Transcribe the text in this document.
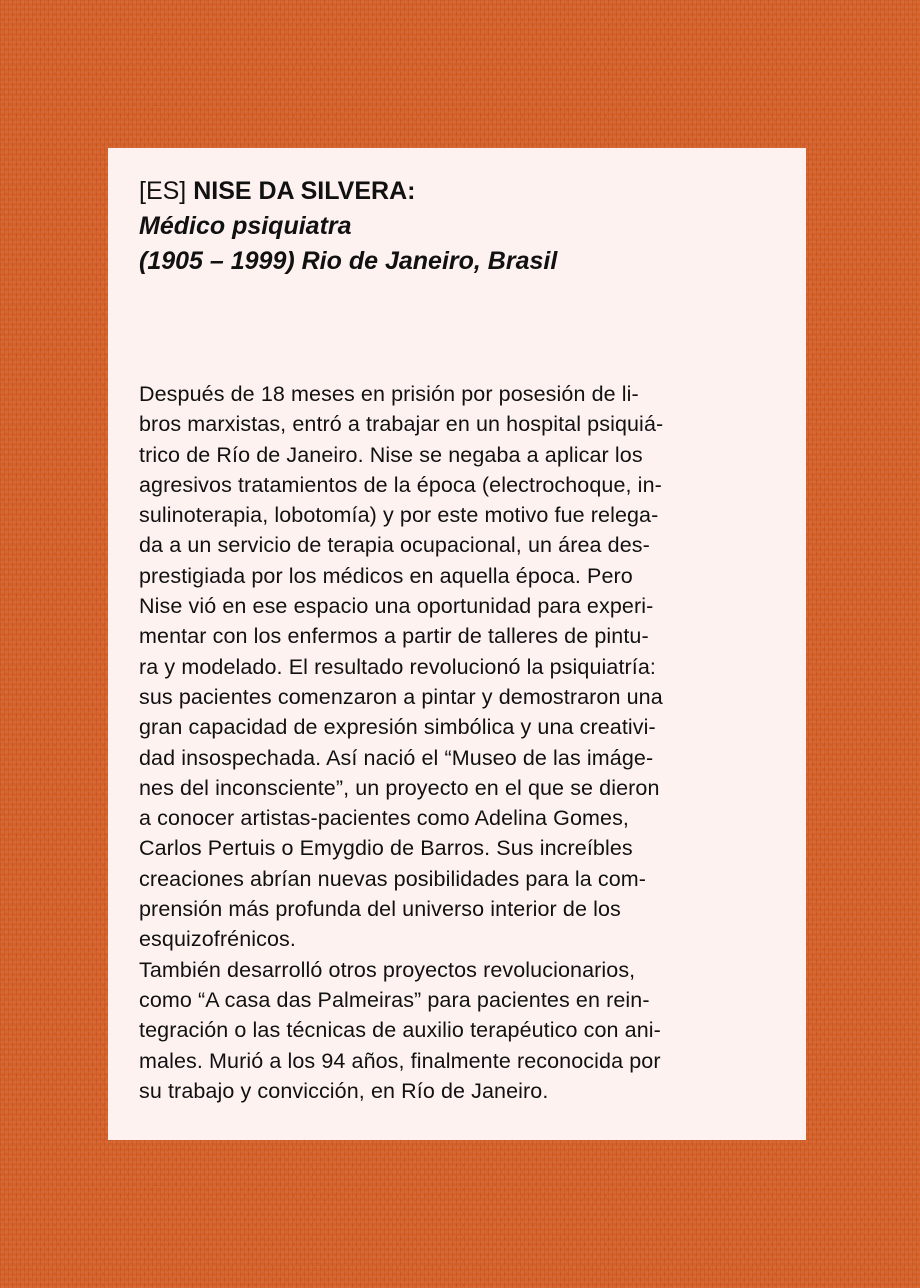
[ES] NISE DA SILVERA:
Médico psiquiatra
(1905 – 1999) Rio de Janeiro, Brasil
Después de 18 meses en prisión por posesión de li-
bros marxistas, entró a trabajar en un hospital psiquiá-
trico de Río de Janeiro. Nise se negaba a aplicar los
agresivos tratamientos de la época (electrochoque, in-
sulinoterapia, lobotomía) y por este motivo fue relega-
da a un servicio de terapia ocupacional, un área des-
prestigiada por los médicos en aquella época. Pero
Nise vió en ese espacio una oportunidad para experi-
mentar con los enfermos a partir de talleres de pintu-
ra y modelado. El resultado revolucionó la psiquiatría:
sus pacientes comenzaron a pintar y demostraron una
gran capacidad de expresión simbólica y una creativi-
dad insospechada. Así nació el “Museo de las imáge-
nes del inconsciente”, un proyecto en el que se dieron
a conocer artistas-pacientes como Adelina Gomes,
Carlos Pertuis o Emygdio de Barros. Sus increíbles
creaciones abrían nuevas posibilidades para la com-
prensión más profunda del universo interior de los
esquizofrénicos.
También desarrolló otros proyectos revolucionarios,
como “A casa das Palmeiras” para pacientes en rein-
tegración o las técnicas de auxilio terapéutico con ani-
males. Murió a los 94 años, finalmente reconocida por
su trabajo y convicción, en Río de Janeiro.
